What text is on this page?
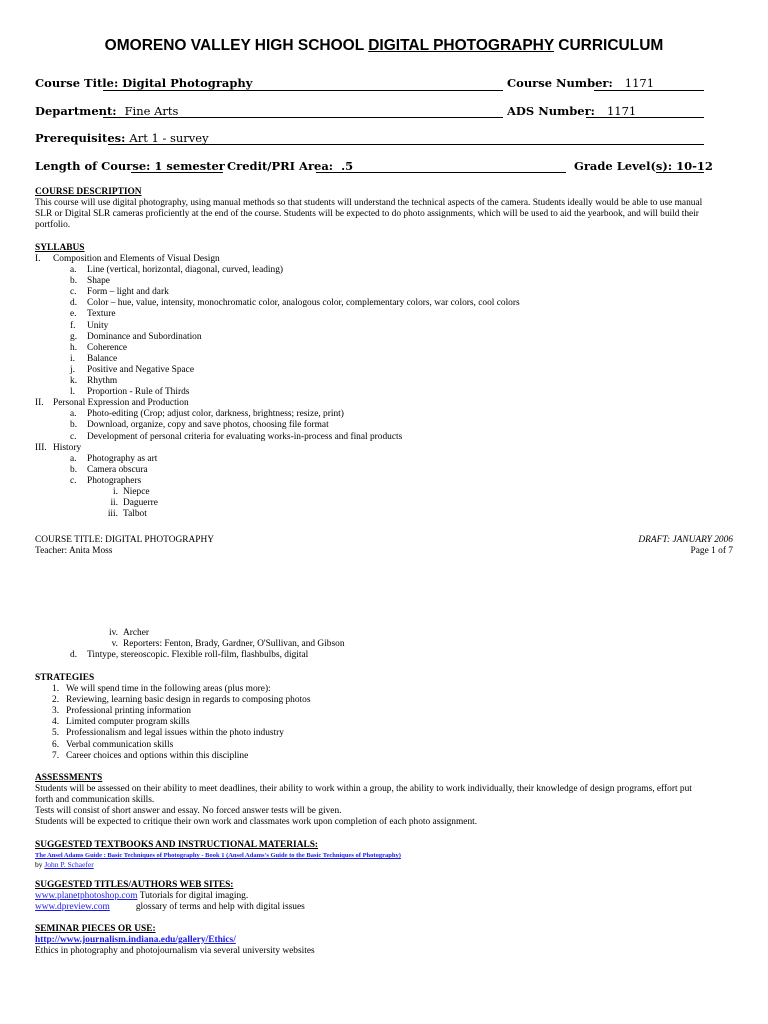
OMORENO VALLEY HIGH SCHOOL DIGITAL PHOTOGRAPHY CURRICULUM
Course Title: Digital Photography	Course Number: 1171
Department: Fine Arts	ADS Number: 1171
Prerequisites: Art 1 - survey
Length of Course: 1 semester Credit/PRI Area: .5	Grade Level(s): 10-12
COURSE DESCRIPTION
This course will use digital photography, using manual methods so that students will understand the technical aspects of the camera. Students ideally would be able to use manual
SLR or Digital SLR cameras proficiently at the end of the course. Students will be expected to do photo assignments, which will be used to aid the yearbook, and will build their
portfolio.
SYLLABUS
I. Composition and Elements of Visual Design
a. Line (vertical, horizontal, diagonal, curved, leading)
b. Shape
c. Form – light and dark
d. Color – hue, value, intensity, monochromatic color, analogous color, complementary colors, war colors, cool colors
e. Texture
f. Unity
g. Dominance and Subordination
h. Coherence
i. Balance
j. Positive and Negative Space
k. Rhythm
l. Proportion - Rule of Thirds
II. Personal Expression and Production
a. Photo-editing (Crop; adjust color, darkness, brightness; resize, print)
b. Download, organize, copy and save photos, choosing file format
c. Development of personal criteria for evaluating works-in-process and final products
III. History
a. Photography as art
b. Camera obscura
c. Photographers
i. Niepce
ii. Daguerre
iii. Talbot
COURSE TITLE: DIGITAL PHOTOGRAPHY
Teacher: Anita Moss
DRAFT: JANUARY 2006
Page 1 of 7
iv. Archer
v. Reporters: Fenton, Brady, Gardner, O'Sullivan, and Gibson
d. Tintype, stereoscopic. Flexible roll-film, flashbulbs, digital
STRATEGIES
1. We will spend time in the following areas (plus more):
2. Reviewing, learning basic design in regards to composing photos
3. Professional printing information
4. Limited computer program skills
5. Professionalism and legal issues within the photo industry
6. Verbal communication skills
7. Career choices and options within this discipline
ASSESSMENTS
Students will be assessed on their ability to meet deadlines, their ability to work within a group, the ability to work individually, their knowledge of design programs, effort put
forth and communication skills.
Tests will consist of short answer and essay. No forced answer tests will be given.
Students will be expected to critique their own work and classmates work upon completion of each photo assignment.
SUGGESTED TEXTBOOKS AND INSTRUCTIONAL MATERIALS:
The Ansel Adams Guide : Basic Techniques of Photography - Book 1 (Ansel Adams's Guide to the Basic Techniques of Photography)
by John P. Schaefer
SUGGESTED TITLES/AUTHORS WEB SITES:
www.planetphotoshop.com Tutorials for digital imaging.
www.dpreview.com	glossary of terms and help with digital issues
SEMINAR PIECES OR USE:
http://www.journalism.indiana.edu/gallery/Ethics/
Ethics in photography and photojournalism via several university websites
